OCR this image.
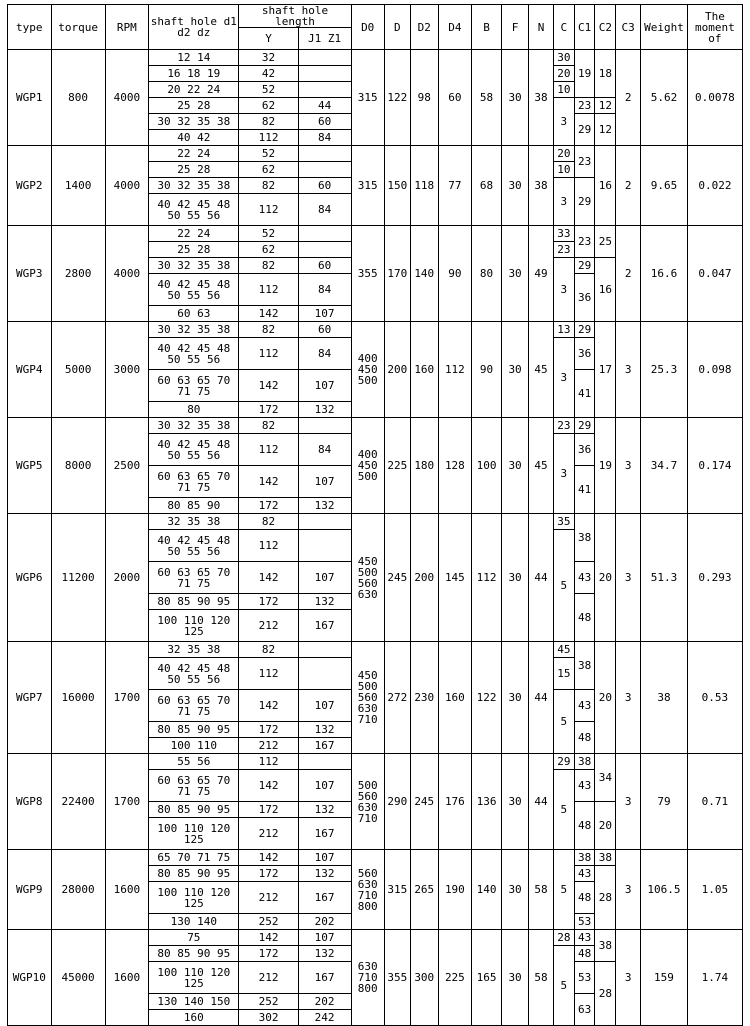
type	torque	RPM	shaft hole d1 d2 dz	shaft hole length		D0	D	D2	D4	B	F	N	C	C1	C2	C3	Weight	The moment of
				Y	J1 Z1													
WGP1	800	4000	12 14	32		315	122	98	60	58	30	38	30	19	18	2	5.62	0.0078
			16 18 19	42									20					
			20 22 24	52									10					
			25 28	62	44								3	23	12			
			30 32 35 38	82	60									29	12			
			40 42	112	84													
WGP2	1400	4000	22 24	52		315	150	118	77	68	30	38	20	23	16	2	9.65	0.022
			25 28	62									10					
			30 32 35 38	82	60								3	29				
			40 42 45 48 50 55 56	112	84													
WGP3	2800	4000	22 24	52		355	170	140	90	80	30	49	33	23	25	2	16.6	0.047
			25 28	62									23					
			30 32 35 38	82	60								3	29	16			
			40 42 45 48 50 55 56	112	84									36				
			60 63	142	107													
WGP4	5000	3000	30 32 35 38	82	60	400 450 500	200	160	112	90	30	45	13	29	17	3	25.3	0.098
			40 42 45 48 50 55 56	112	84								3	36				
			60 63 65 70 71 75	142	107									41				
			80	172	132													
WGP5	8000	2500	30 32 35 38	82		400 450 500	225	180	128	100	30	45	23	29	19	3	34.7	0.174
			40 42 45 48 50 55 56	112	84								3	36				
			60 63 65 70 71 75	142	107									41				
			80 85 90	172	132													
WGP6	11200	2000	32 35 38	82		450 500 560 630	245	200	145	112	30	44	35	38	20	3	51.3	0.293
			40 42 45 48 50 55 56	112									5					
			60 63 65 70 71 75	142	107									43				
			80 85 90 95	172	132									48				
			100 110 120 125	212	167													
WGP7	16000	1700	32 35 38	82		450 500 560 630 710	272	230	160	122	30	44	45	38	20	3	38	0.53
			40 42 45 48 50 55 56	112									15					
			60 63 65 70 71 75	142	107								5	43				
			80 85 90 95	172	132									48				
			100 110	212	167													
WGP8	22400	1700	55 56	112		500 560 630 710	290	245	176	136	30	44	29	38	34	3	79	0.71
			60 63 65 70 71 75	142	107								5	43				
			80 85 90 95	172	132									48	20			
			100 110 120 125	212	167													
WGP9	28000	1600	65 70 71 75	142	107	560 630 710 800	315	265	190	140	30	58	5	38	38	3	106.5	1.05
			80 85 90 95	172	132									43	28			
			100 110 120 125	212	167									48				
			130 140	252	202									53				
WGP10	45000	1600	75	142	107	630 710 800	355	300	225	165	30	58	28	43	38	3	159	1.74
			80 85 90 95	172	132								5	48				
			100 110 120 125	212	167									53	28			
			130 140 150	252	202									63				
			160	302	242													
